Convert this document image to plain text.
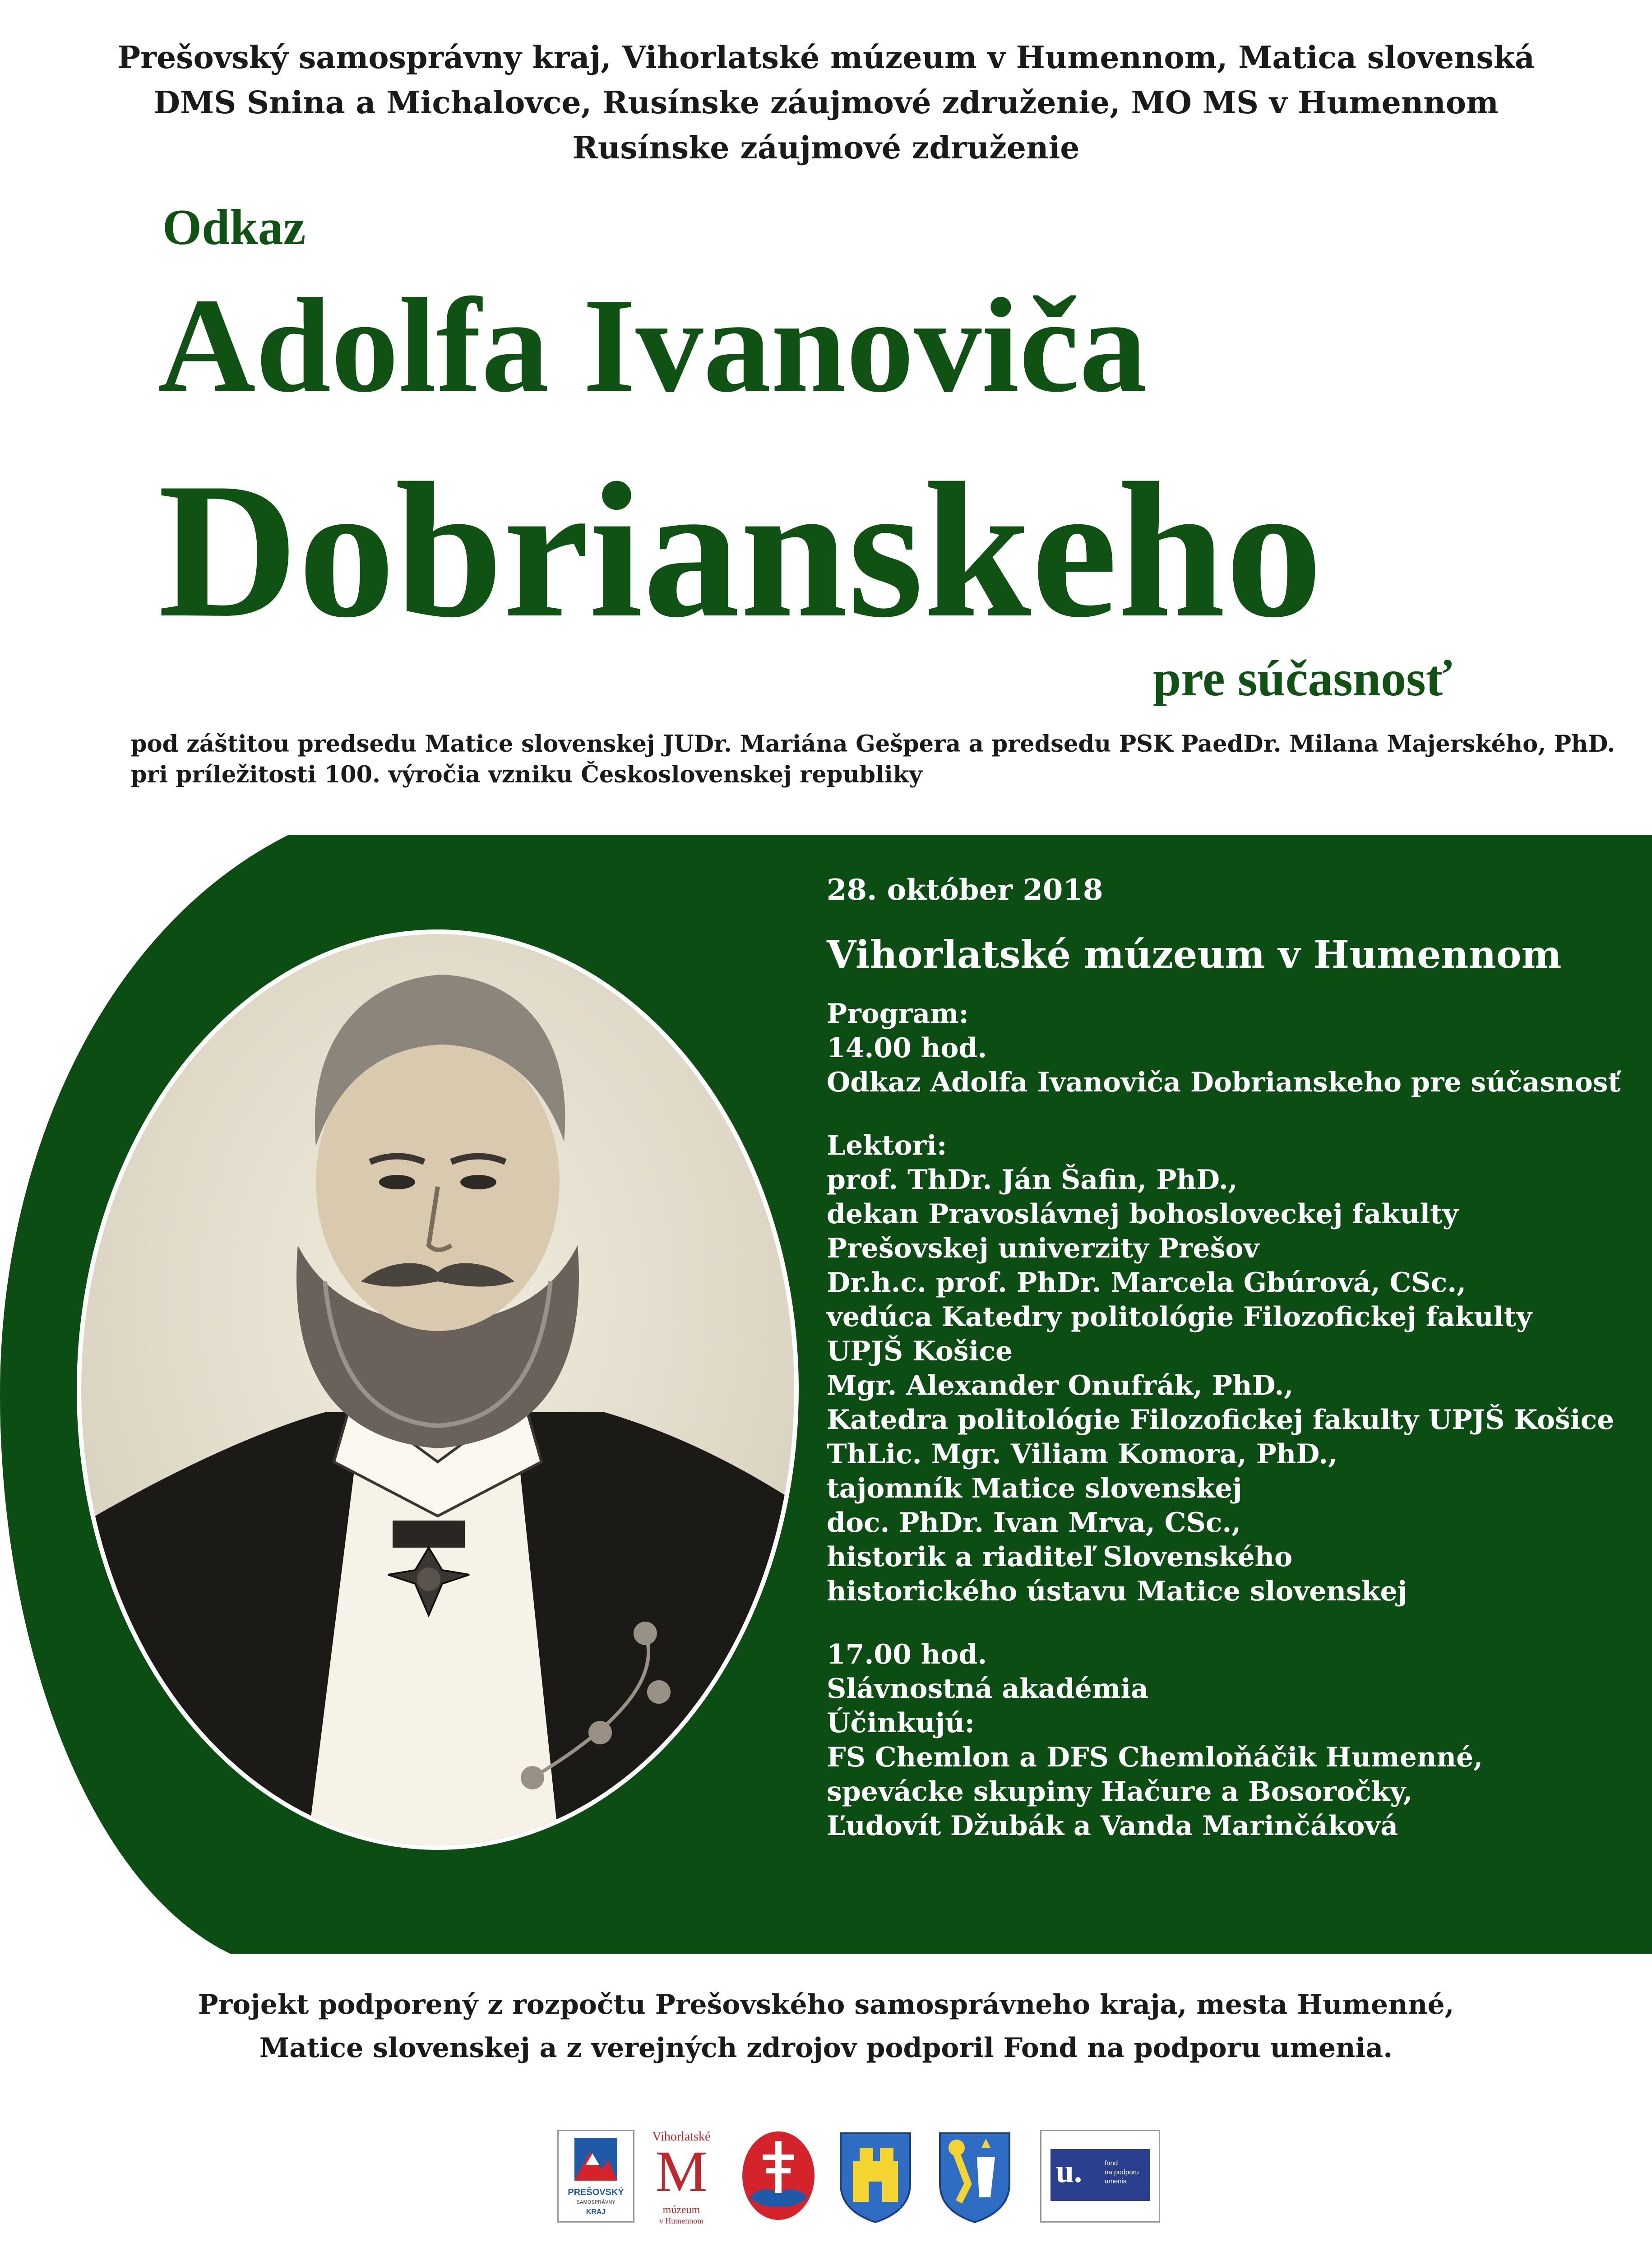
Prešovský samosprávny kraj, Vihorlatské múzeum v Humennom, Matica slovenská
DMS Snina a Michalovce, Rusínske záujmové združenie, MO MS v Humennom
Rusínske záujmové združenie
Odkaz
Adolfa Ivanoviča
Dobrianskeho
pre súčasnosť
pod záštitou predsedu Matice slovenskej JUDr. Mariána Gešpera a predsedu PSK PaedDr. Milana Majerského, PhD.
pri príležitosti 100. výročia vzniku Československej republiky
28. október 2018
Vihorlatské múzeum v Humennom
Program:
14.00 hod.
Odkaz Adolfa Ivanoviča Dobrianskeho pre súčasnosť
Lektori:
prof. ThDr. Ján Šafin, PhD.,
dekan Pravoslávnej bohosloveckej fakulty
Prešovskej univerzity Prešov
Dr.h.c. prof. PhDr. Marcela Gbúrová, CSc.,
vedúca Katedry politológie Filozofickej fakulty
UPJŠ Košice
Mgr. Alexander Onufrák, PhD.,
Katedra politológie Filozofickej fakulty UPJŠ Košice
ThLic. Mgr. Viliam Komora, PhD.,
tajomník Matice slovenskej
doc. PhDr. Ivan Mrva, CSc.,
historik a riaditeľ Slovenského
historického ústavu Matice slovenskej
17.00 hod.
Slávnostná akadémia
Účinkujú:
FS Chemlon a DFS Chemloňáčik Humenné,
spevácke skupiny Hačure a Bosoročky,
Ľudovít Džubák a Vanda Marinčáková
Projekt podporený z rozpočtu Prešovského samosprávneho kraja, mesta Humenné,
Matice slovenskej a z verejných zdrojov podporil Fond na podporu umenia.
PREŠOVSKÝ
SAMOSPRÁVNY
KRAJ
Vihorlatské
M
múzeum
v Humennom
u.	fond
na podporu
umenia
